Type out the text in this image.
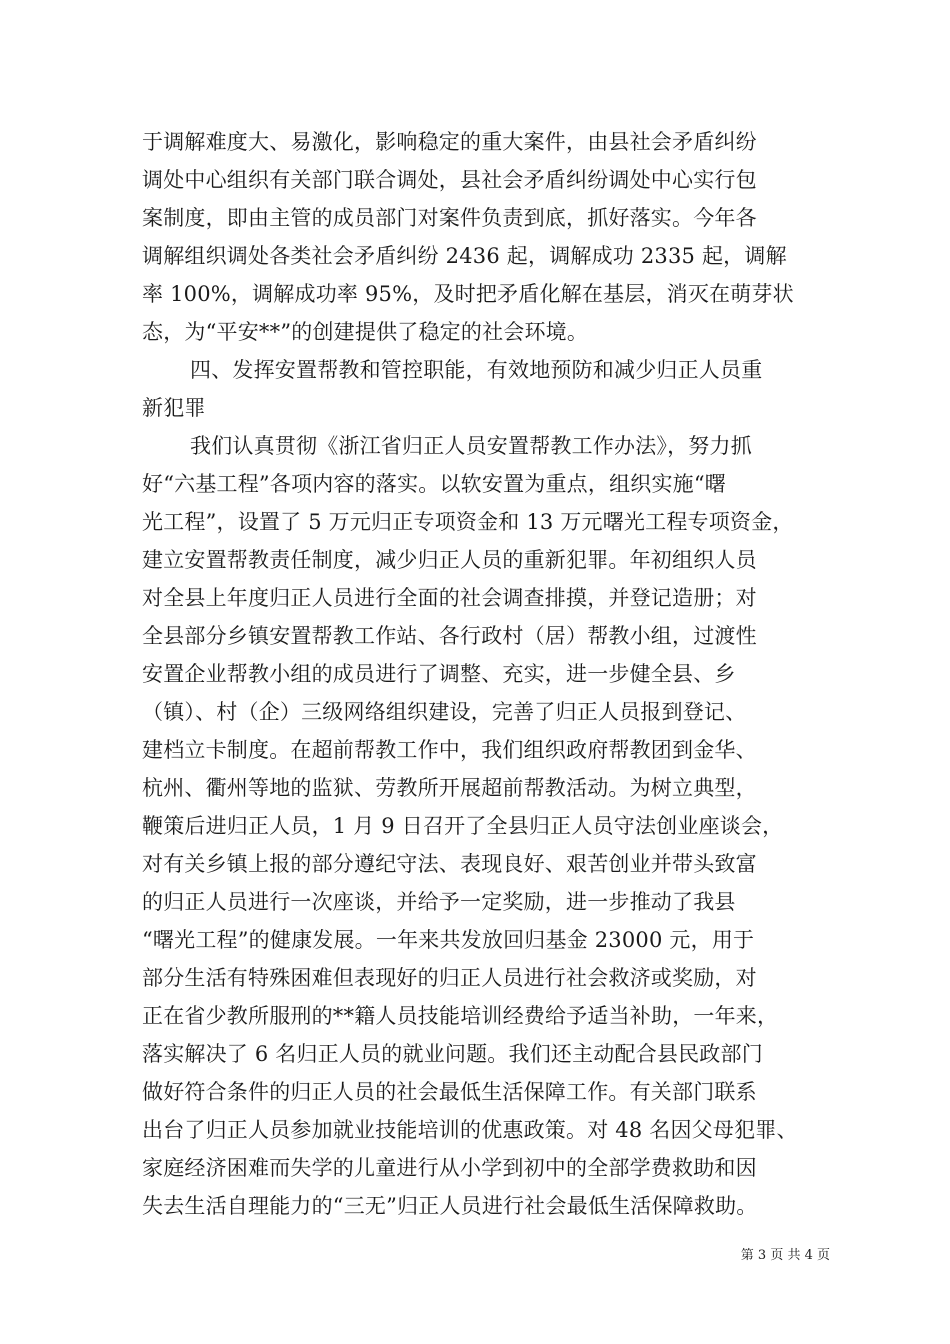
于调解难度大、易激化，影响稳定的重大案件，由县社会矛盾纠纷
调处中心组织有关部门联合调处，县社会矛盾纠纷调处中心实行包
案制度，即由主管的成员部门对案件负责到底，抓好落实。今年各
调解组织调处各类社会矛盾纠纷 2436 起，调解成功 2335 起，调解
率 100%，调解成功率 95%，及时把矛盾化解在基层，消灭在萌芽状
态，为“平安**”的创建提供了稳定的社会环境。
四、发挥安置帮教和管控职能，有效地预防和减少归正人员重
新犯罪
我们认真贯彻《浙江省归正人员安置帮教工作办法》，努力抓
好“六基工程”各项内容的落实。以软安置为重点，组织实施“曙
光工程”，设置了 5 万元归正专项资金和 13 万元曙光工程专项资金，
建立安置帮教责任制度，减少归正人员的重新犯罪。年初组织人员
对全县上年度归正人员进行全面的社会调查排摸，并登记造册；对
全县部分乡镇安置帮教工作站、各行政村（居）帮教小组，过渡性
安置企业帮教小组的成员进行了调整、充实，进一步健全县、乡
（镇）、村（企）三级网络组织建设，完善了归正人员报到登记、
建档立卡制度。在超前帮教工作中，我们组织政府帮教团到金华、
杭州、衢州等地的监狱、劳教所开展超前帮教活动。为树立典型，
鞭策后进归正人员，1 月 9 日召开了全县归正人员守法创业座谈会，
对有关乡镇上报的部分遵纪守法、表现良好、艰苦创业并带头致富
的归正人员进行一次座谈，并给予一定奖励，进一步推动了我县
“曙光工程”的健康发展。一年来共发放回归基金 23000 元，用于
部分生活有特殊困难但表现好的归正人员进行社会救济或奖励，对
正在省少教所服刑的**籍人员技能培训经费给予适当补助，一年来，
落实解决了 6 名归正人员的就业问题。我们还主动配合县民政部门
做好符合条件的归正人员的社会最低生活保障工作。有关部门联系
出台了归正人员参加就业技能培训的优惠政策。对 48 名因父母犯罪、
家庭经济困难而失学的儿童进行从小学到初中的全部学费救助和因
失去生活自理能力的“三无”归正人员进行社会最低生活保障救助。
第 3 页 共 4 页
